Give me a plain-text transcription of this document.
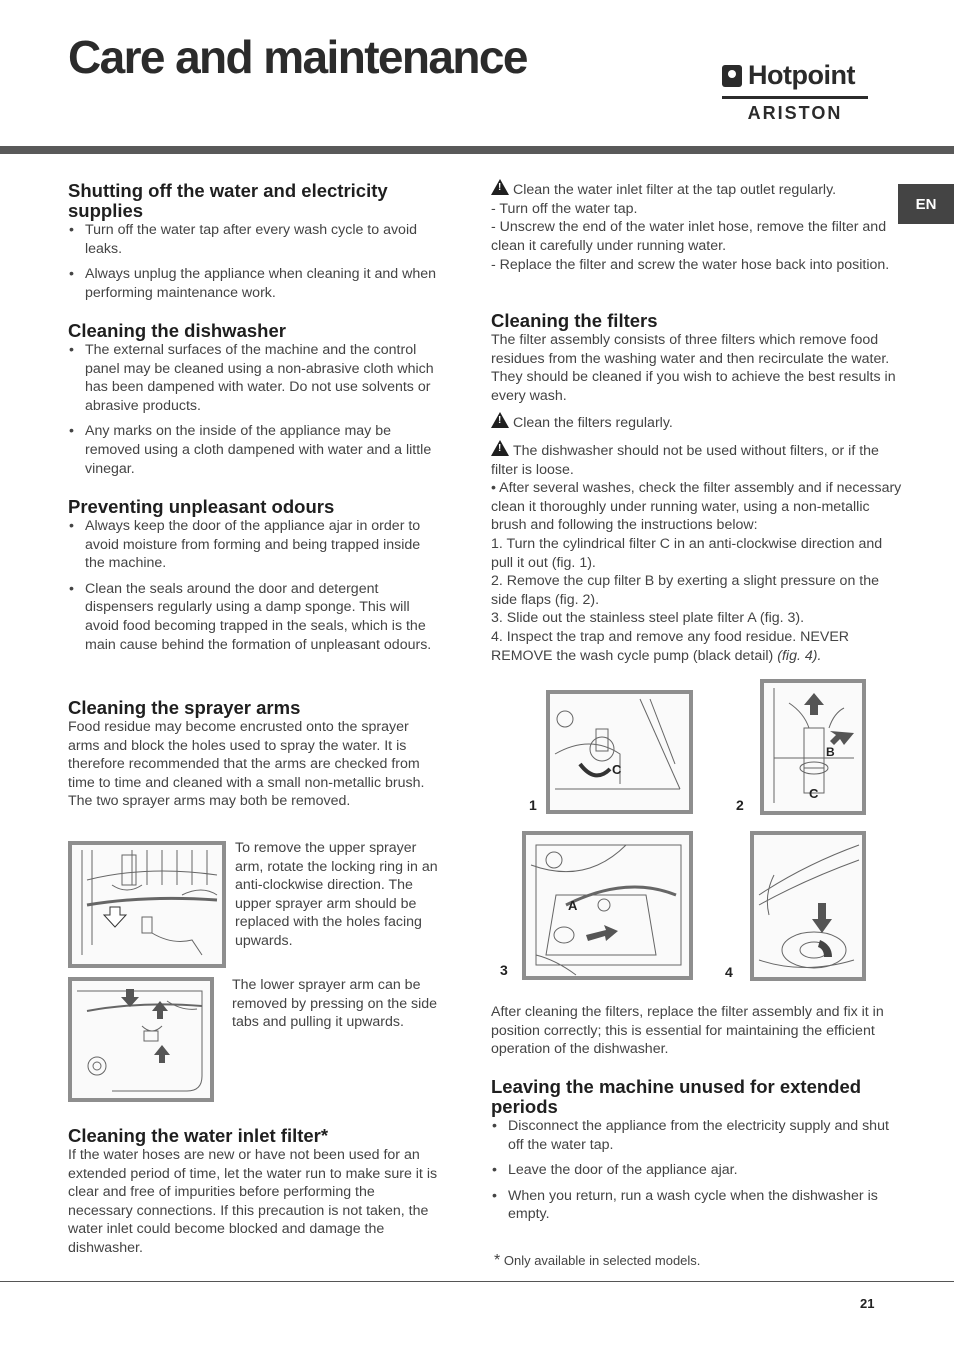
Care and maintenance	Hotpoint
ARISTON
EN
Shutting off the water and electricity supplies
• Turn off the water tap after every wash cycle to avoid leaks.
• Always unplug the appliance when cleaning it and when performing maintenance work.
Cleaning the dishwasher
• The external surfaces of the machine and the control panel may be cleaned using a non-abrasive cloth which has been dampened with water. Do not use solvents or abrasive products.
• Any marks on the inside of the appliance may be removed using a cloth dampened with water and a little vinegar.
Preventing unpleasant odours
• Always keep the door of the appliance ajar in order to avoid moisture from forming and being trapped inside the machine.
• Clean the seals around the door and detergent dispensers regularly using a damp sponge. This will avoid food becoming trapped in the seals, which is the main cause behind the formation of unpleasant odours.
Cleaning the sprayer arms

Food residue may become encrusted onto the sprayer arms and block the holes used to spray the water. It is therefore recommended that the arms are checked from time to time and cleaned with a small non-metallic brush.

The two sprayer arms may both be removed.

To remove the upper sprayer arm, rotate the locking ring in an anti-clockwise direction. The upper sprayer arm should be replaced with the holes facing upwards.

The lower sprayer arm can be removed by pressing on the side tabs and pulling it upwards.

Cleaning the water inlet filter*

If the water hoses are new or have not been used for an extended period of time, let the water run to make sure it is clear and free of impurities before performing the necessary connections. If this precaution is not taken, the water inlet could become blocked and damage the dishwasher.

!Clean the water inlet filter at the tap outlet regularly.

- Turn off the water tap.

- Unscrew the end of the water inlet hose, remove the filter and clean it carefully under running water.

- Replace the filter and screw the water hose back into position.

Cleaning the filters

The filter assembly consists of three filters which remove food residues from the washing water and then recirculate the water. They should be cleaned if you wish to achieve the best results in every wash.

!Clean the filters regularly.

!The dishwasher should not be used without filters, or if the filter is loose.

• After several washes, check the filter assembly and if necessary clean it thoroughly under running water, using a non-metallic brush and following the instructions below:

1. Turn the cylindrical filter C in an anti-clockwise direction and pull it out (fig. 1).

2. Remove the cup filter B by exerting a slight pressure on the side flaps (fig. 2).

3. Slide out the stainless steel plate filter A (fig. 3).

4. Inspect the trap and remove any food residue. NEVER REMOVE the wash cycle pump (black detail) (fig. 4).

C
1
B
C
2
A
3	4

After cleaning the filters, replace the filter assembly and fix it in position correctly; this is essential for maintaining the efficient operation of the dishwasher.

Leaving the machine unused for extended periods
• Disconnect the appliance from the electricity supply and shut off the water tap.
• Leave the door of the appliance ajar.
• When you return, run a wash cycle when the dishwasher is empty.
* Only available in selected models.
21
